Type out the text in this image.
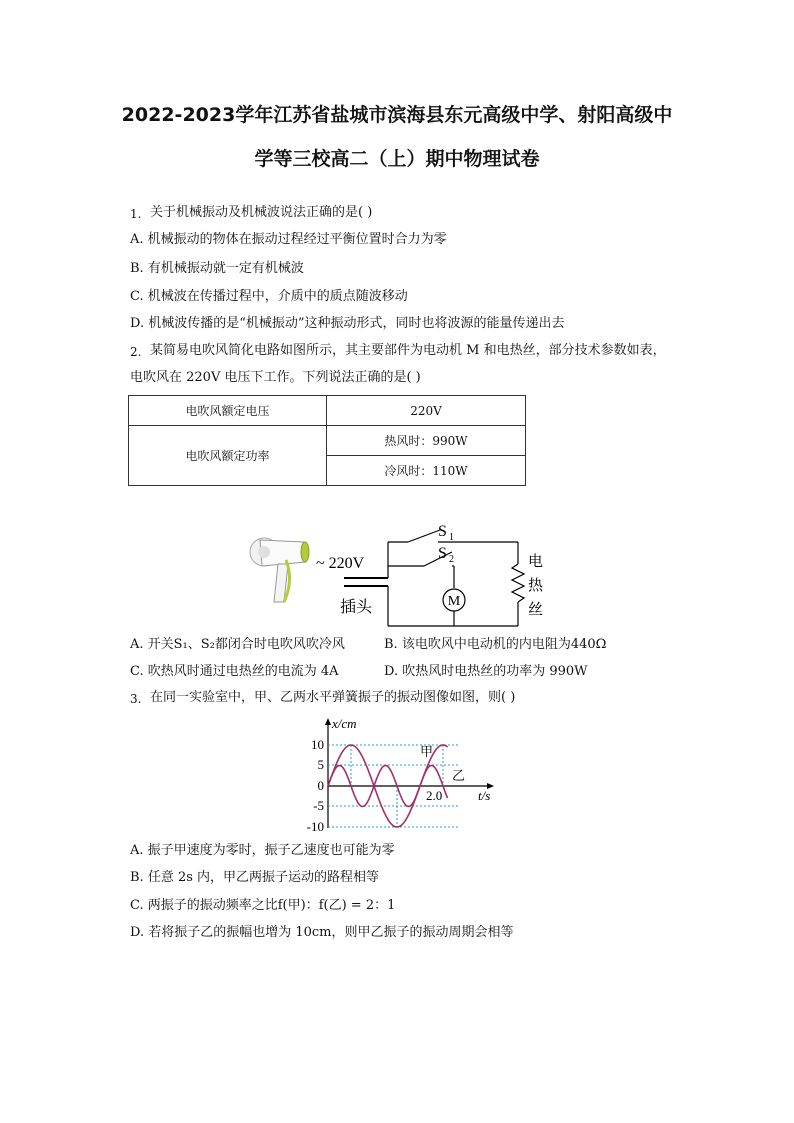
2022-2023学年江苏省盐城市滨海县东元高级中学、射阳高级中
学等三校高二（上）期中物理试卷
1. 关于机械振动及机械波说法正确的是( )
A. 机械振动的物体在振动过程经过平衡位置时合力为零
B. 有机械振动就一定有机械波
C. 机械波在传播过程中，介质中的质点随波移动
D. 机械波传播的是“机械振动”这种振动形式，同时也将波源的能量传递出去
2. 某简易电吹风简化电路如图所示，其主要部件为电动机 M 和电热丝，部分技术参数如表，
电吹风在 220V 电压下工作。下列说法正确的是( )
电吹风额定电压	220V
电吹风额定功率	热风时：990W
	冷风时：110W
~ 220V
插头
S 1
S 2
M
电
热
丝
A. 开关S₁、S₂都闭合时电吹风吹冷风	B. 该电吹风中电动机的内电阻为440Ω
C. 吹热风时通过电热丝的电流为 4A	D. 吹热风时电热丝的功率为 990W
3. 在同一实验室中，甲、乙两水平弹簧振子的振动图像如图，则( )
x/cm
t/s
10
5
0
-5
-10
2.0
甲
乙
A. 振子甲速度为零时，振子乙速度也可能为零
B. 任意 2s 内，甲乙两振子运动的路程相等
C. 两振子的振动频率之比f(甲)：f(乙) = 2：1
D. 若将振子乙的振幅也增为 10cm，则甲乙振子的振动周期会相等
